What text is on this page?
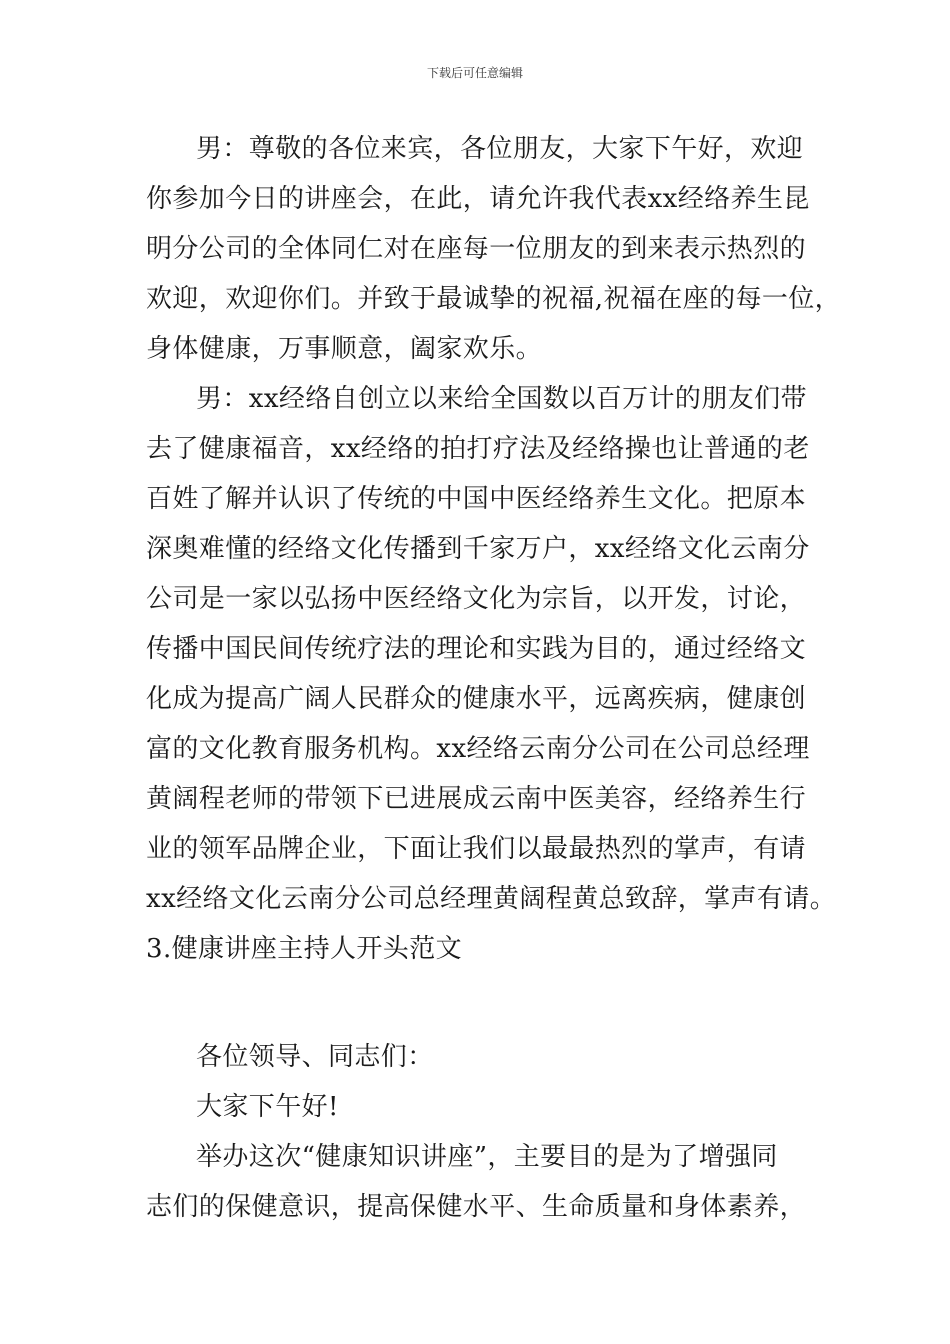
下载后可任意编辑
男：尊敬的各位来宾，各位朋友，大家下午好，欢迎
你参加今日的讲座会，在此，请允许我代表xx经络养生昆
明分公司的全体同仁对在座每一位朋友的到来表示热烈的
欢迎，欢迎你们。并致于最诚挚的祝福,祝福在座的每一位，
身体健康，万事顺意，阖家欢乐。
男：xx经络自创立以来给全国数以百万计的朋友们带
去了健康福音，xx经络的拍打疗法及经络操也让普通的老
百姓了解并认识了传统的中国中医经络养生文化。把原本
深奥难懂的经络文化传播到千家万户，xx经络文化云南分
公司是一家以弘扬中医经络文化为宗旨，以开发，讨论，
传播中国民间传统疗法的理论和实践为目的，通过经络文
化成为提高广阔人民群众的健康水平，远离疾病，健康创
富的文化教育服务机构。xx经络云南分公司在公司总经理
黄阔程老师的带领下已进展成云南中医美容，经络养生行
业的领军品牌企业，下面让我们以最最热烈的掌声，有请
xx经络文化云南分公司总经理黄阔程黄总致辞，掌声有请。
3.健康讲座主持人开头范文
各位领导、同志们：
大家下午好!
举办这次“健康知识讲座”，主要目的是为了增强同
志们的保健意识，提高保健水平、生命质量和身体素养，
